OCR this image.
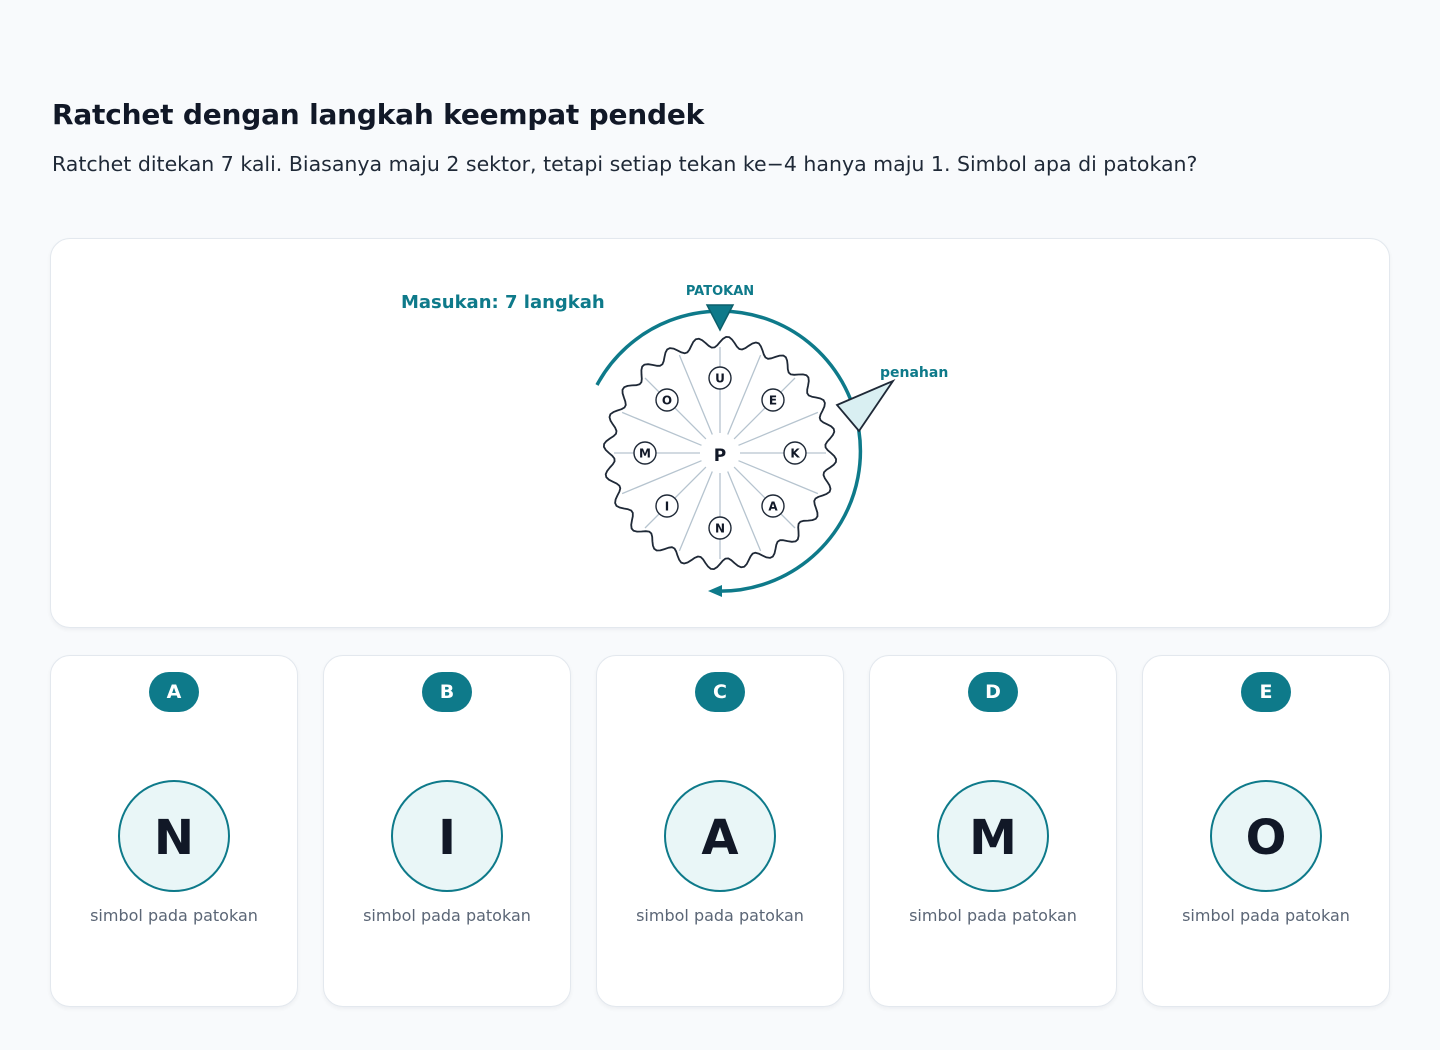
Ratchet dengan langkah keempat pendek

Ratchet ditekan 7 kali. Biasanya maju 2 sektor, tetapi setiap tekan ke−4 hanya maju 1. Simbol apa di patokan?

U
E
K
A
N
I
M
O
P
PATOKAN
penahan
Masukan: 7 langkah
A
N
simbol pada patokan
B
I
simbol pada patokan
C
A
simbol pada patokan
D
M
simbol pada patokan
E
O
simbol pada patokan
